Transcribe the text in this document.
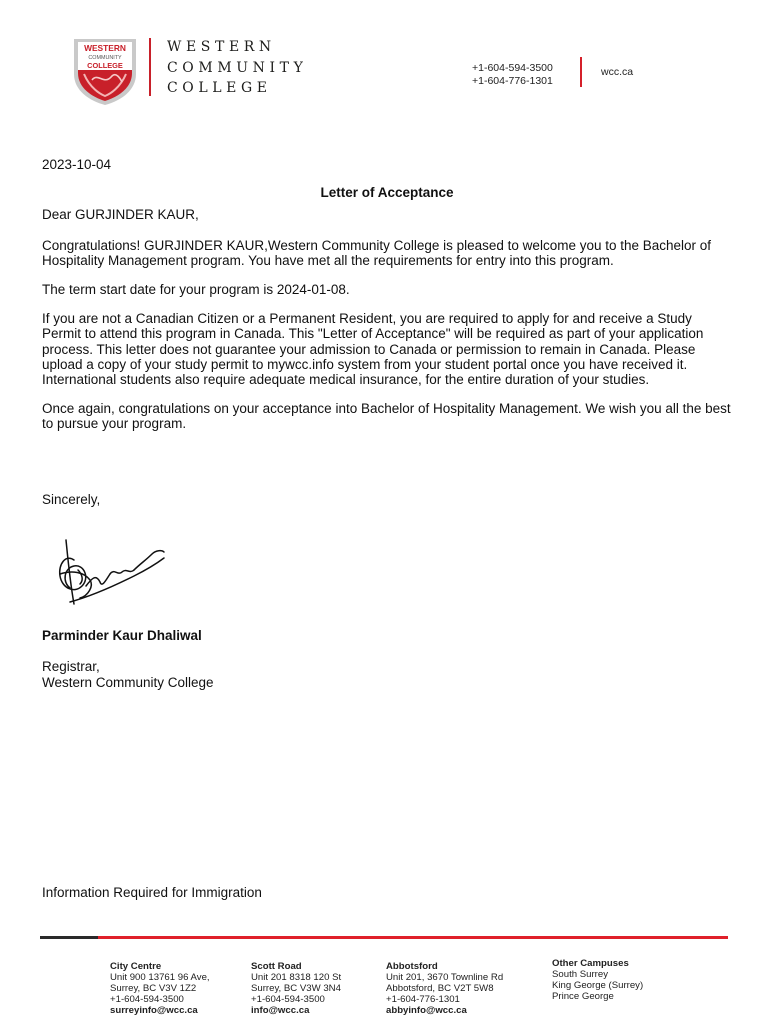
WESTERN
COMMUNITY
COLLEGE
WESTERN
COMMUNITY
COLLEGE
+1-604-594-3500
+1-604-776-1301
wcc.ca

2023-10-04

Letter of Acceptance

Dear GURJINDER KAUR,

Congratulations! GURJINDER KAUR,Western Community College is pleased to welcome you to the Bachelor of Hospitality Management program. You have met all the requirements for entry into this program.

The term start date for your program is 2024-01-08.

If you are not a Canadian Citizen or a Permanent Resident, you are required to apply for and receive a Study Permit to attend this program in Canada. This "Letter of Acceptance" will be required as part of your application process. This letter does not guarantee your admission to Canada or permission to remain in Canada. Please upload a copy of your study permit to mywcc.info system from your student portal once you have received it. International students also require adequate medical insurance, for the entire duration of your studies.

Once again, congratulations on your acceptance into Bachelor of Hospitality Management. We wish you all the best to pursue your program.

Sincerely,
Parminder Kaur Dhaliwal
Registrar,
Western Community College
Information Required for Immigration
City Centre
Unit 900 13761 96 Ave,
Surrey, BC V3V 1Z2
+1-604-594-3500
surreyinfo@wcc.ca
Scott Road
Unit 201 8318 120 St
Surrey, BC V3W 3N4
+1-604-594-3500
info@wcc.ca
Abbotsford
Unit 201, 3670 Townline Rd
Abbotsford, BC V2T 5W8
+1-604-776-1301
abbyinfo@wcc.ca
Other Campuses
South Surrey
King George (Surrey)
Prince George
